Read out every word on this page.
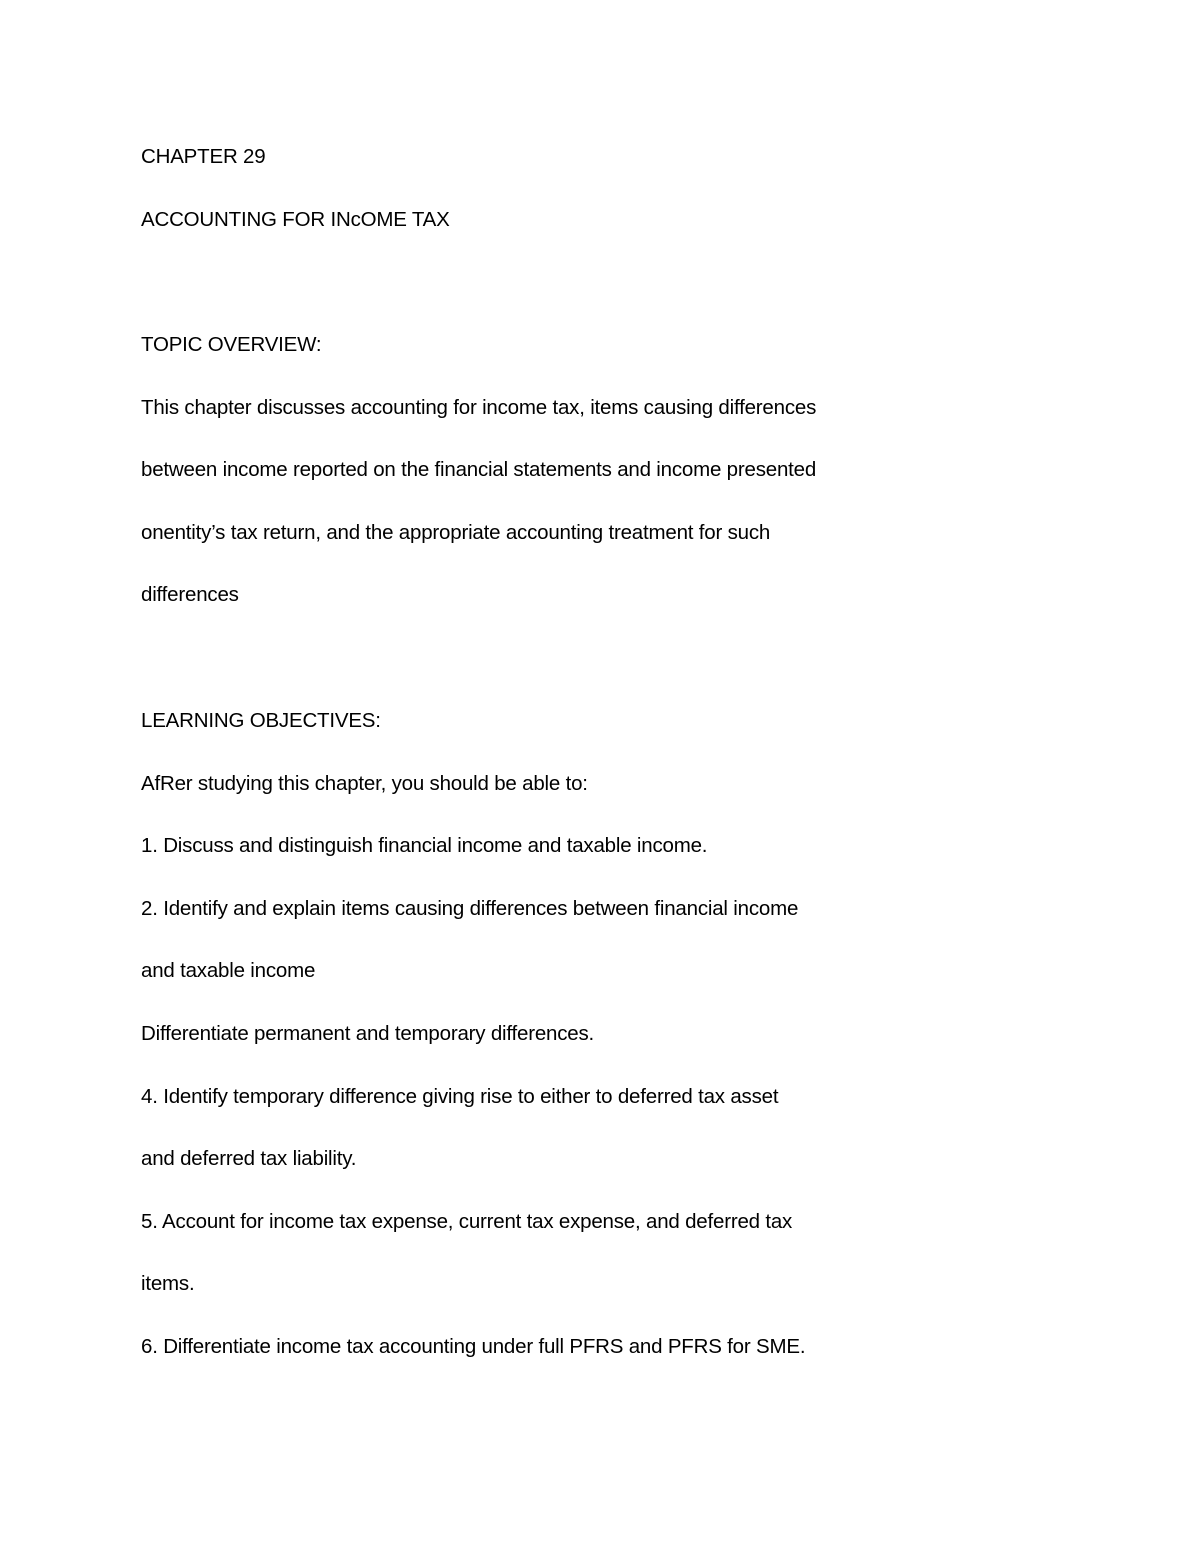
CHAPTER 29

ACCOUNTING FOR INcOME TAX

TOPIC OVERVIEW:

This chapter discusses accounting for income tax, items causing differences

between income reported on the financial statements and income presented

onentity’s tax return, and the appropriate accounting treatment for such

differences

LEARNING OBJECTIVES:

AfRer studying this chapter, you should be able to:

1. Discuss and distinguish financial income and taxable income.

2. Identify and explain items causing differences between financial income

and taxable income

Differentiate permanent and temporary differences.

4. Identify temporary difference giving rise to either to deferred tax asset

and deferred tax liability.

5. Account for income tax expense, current tax expense, and deferred tax

items.

6. Differentiate income tax accounting under full PFRS and PFRS for SME.
